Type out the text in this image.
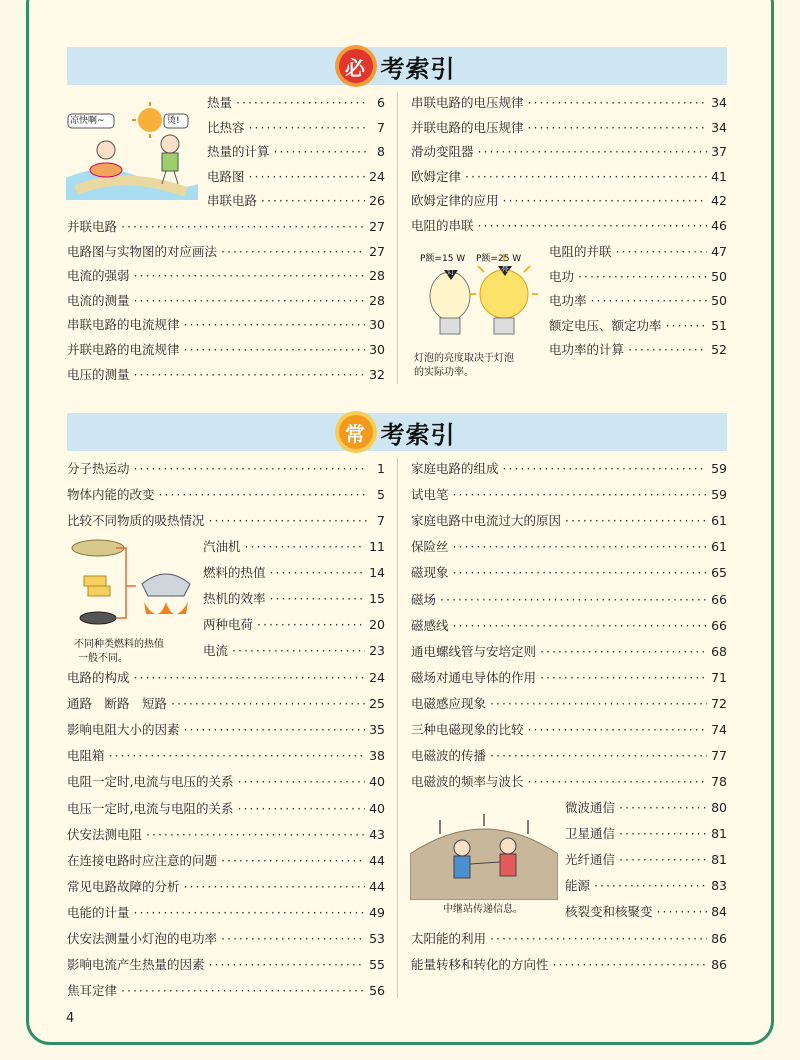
必 考索引
常 考索引
热量 ·····	6
比热容 ·····	7
热量的计算 ·····	8
电路图 ·····	24
串联电路 ·····	26
并联电路 ·····	27
电路图与实物图的对应画法 ·····	27
电流的强弱 ·····	28
电流的测量 ·····	28
串联电路的电流规律 ·····	30
并联电路的电流规律 ·····	30
电压的测量 ·····	32
串联电路的电压规律 ·····	34
并联电路的电压规律 ·····	34
滑动变阻器 ·····	37
欧姆定律 ·····	41
欧姆定律的应用 ·····	42
电阻的串联 ·····	46
电阻的并联 ·····	47
电功 ·····	50
电功率 ·····	50
额定电压、额定功率 ·····	51
电功率的计算 ·····	52
分子热运动 ·····	1
物体内能的改变 ·····	5
比较不同物质的吸热情况 ·····	7
汽油机 ·····	11
燃料的热值 ·····	14
热机的效率 ·····	15
两种电荷 ·····	20
电流 ·····	23
电路的构成 ·····	24
通路　断路　短路 ·····	25
影响电阻大小的因素 ·····	35
电阻箱 ·····	38
电阻一定时,电流与电压的关系 ·····	40
电压一定时,电流与电阻的关系 ·····	40
伏安法测电阻 ·····	43
在连接电路时应注意的问题 ·····	44
常见电路故障的分析 ·····	44
电能的计量 ·····	49
伏安法测量小灯泡的电功率 ·····	53
影响电流产生热量的因素 ·····	55
焦耳定律 ·····	56
家庭电路的组成 ·····	59
试电笔 ·····	59
家庭电路中电流过大的原因 ·····	61
保险丝 ·····	61
磁现象 ·····	65
磁场 ·····	66
磁感线 ·····	66
通电螺线管与安培定则 ·····	68
磁场对通电导体的作用 ·····	71
电磁感应现象 ·····	72
三种电磁现象的比较 ·····	74
电磁波的传播 ·····	77
电磁波的频率与波长 ·····	78
微波通信 ·····	80
卫星通信 ·····	81
光纤通信 ·····	81
能源 ·····	83
核裂变和核聚变 ·····	84
太阳能的利用 ·····	86
能量转移和转化的方向性 ·····	86
凉快啊~	烫!
P额=15 W P额=25 W
灯	亮
灯泡的亮度取决于灯泡
的实际功率。
不同种类燃料的热值
一般不同。
中继站传递信息。
4
